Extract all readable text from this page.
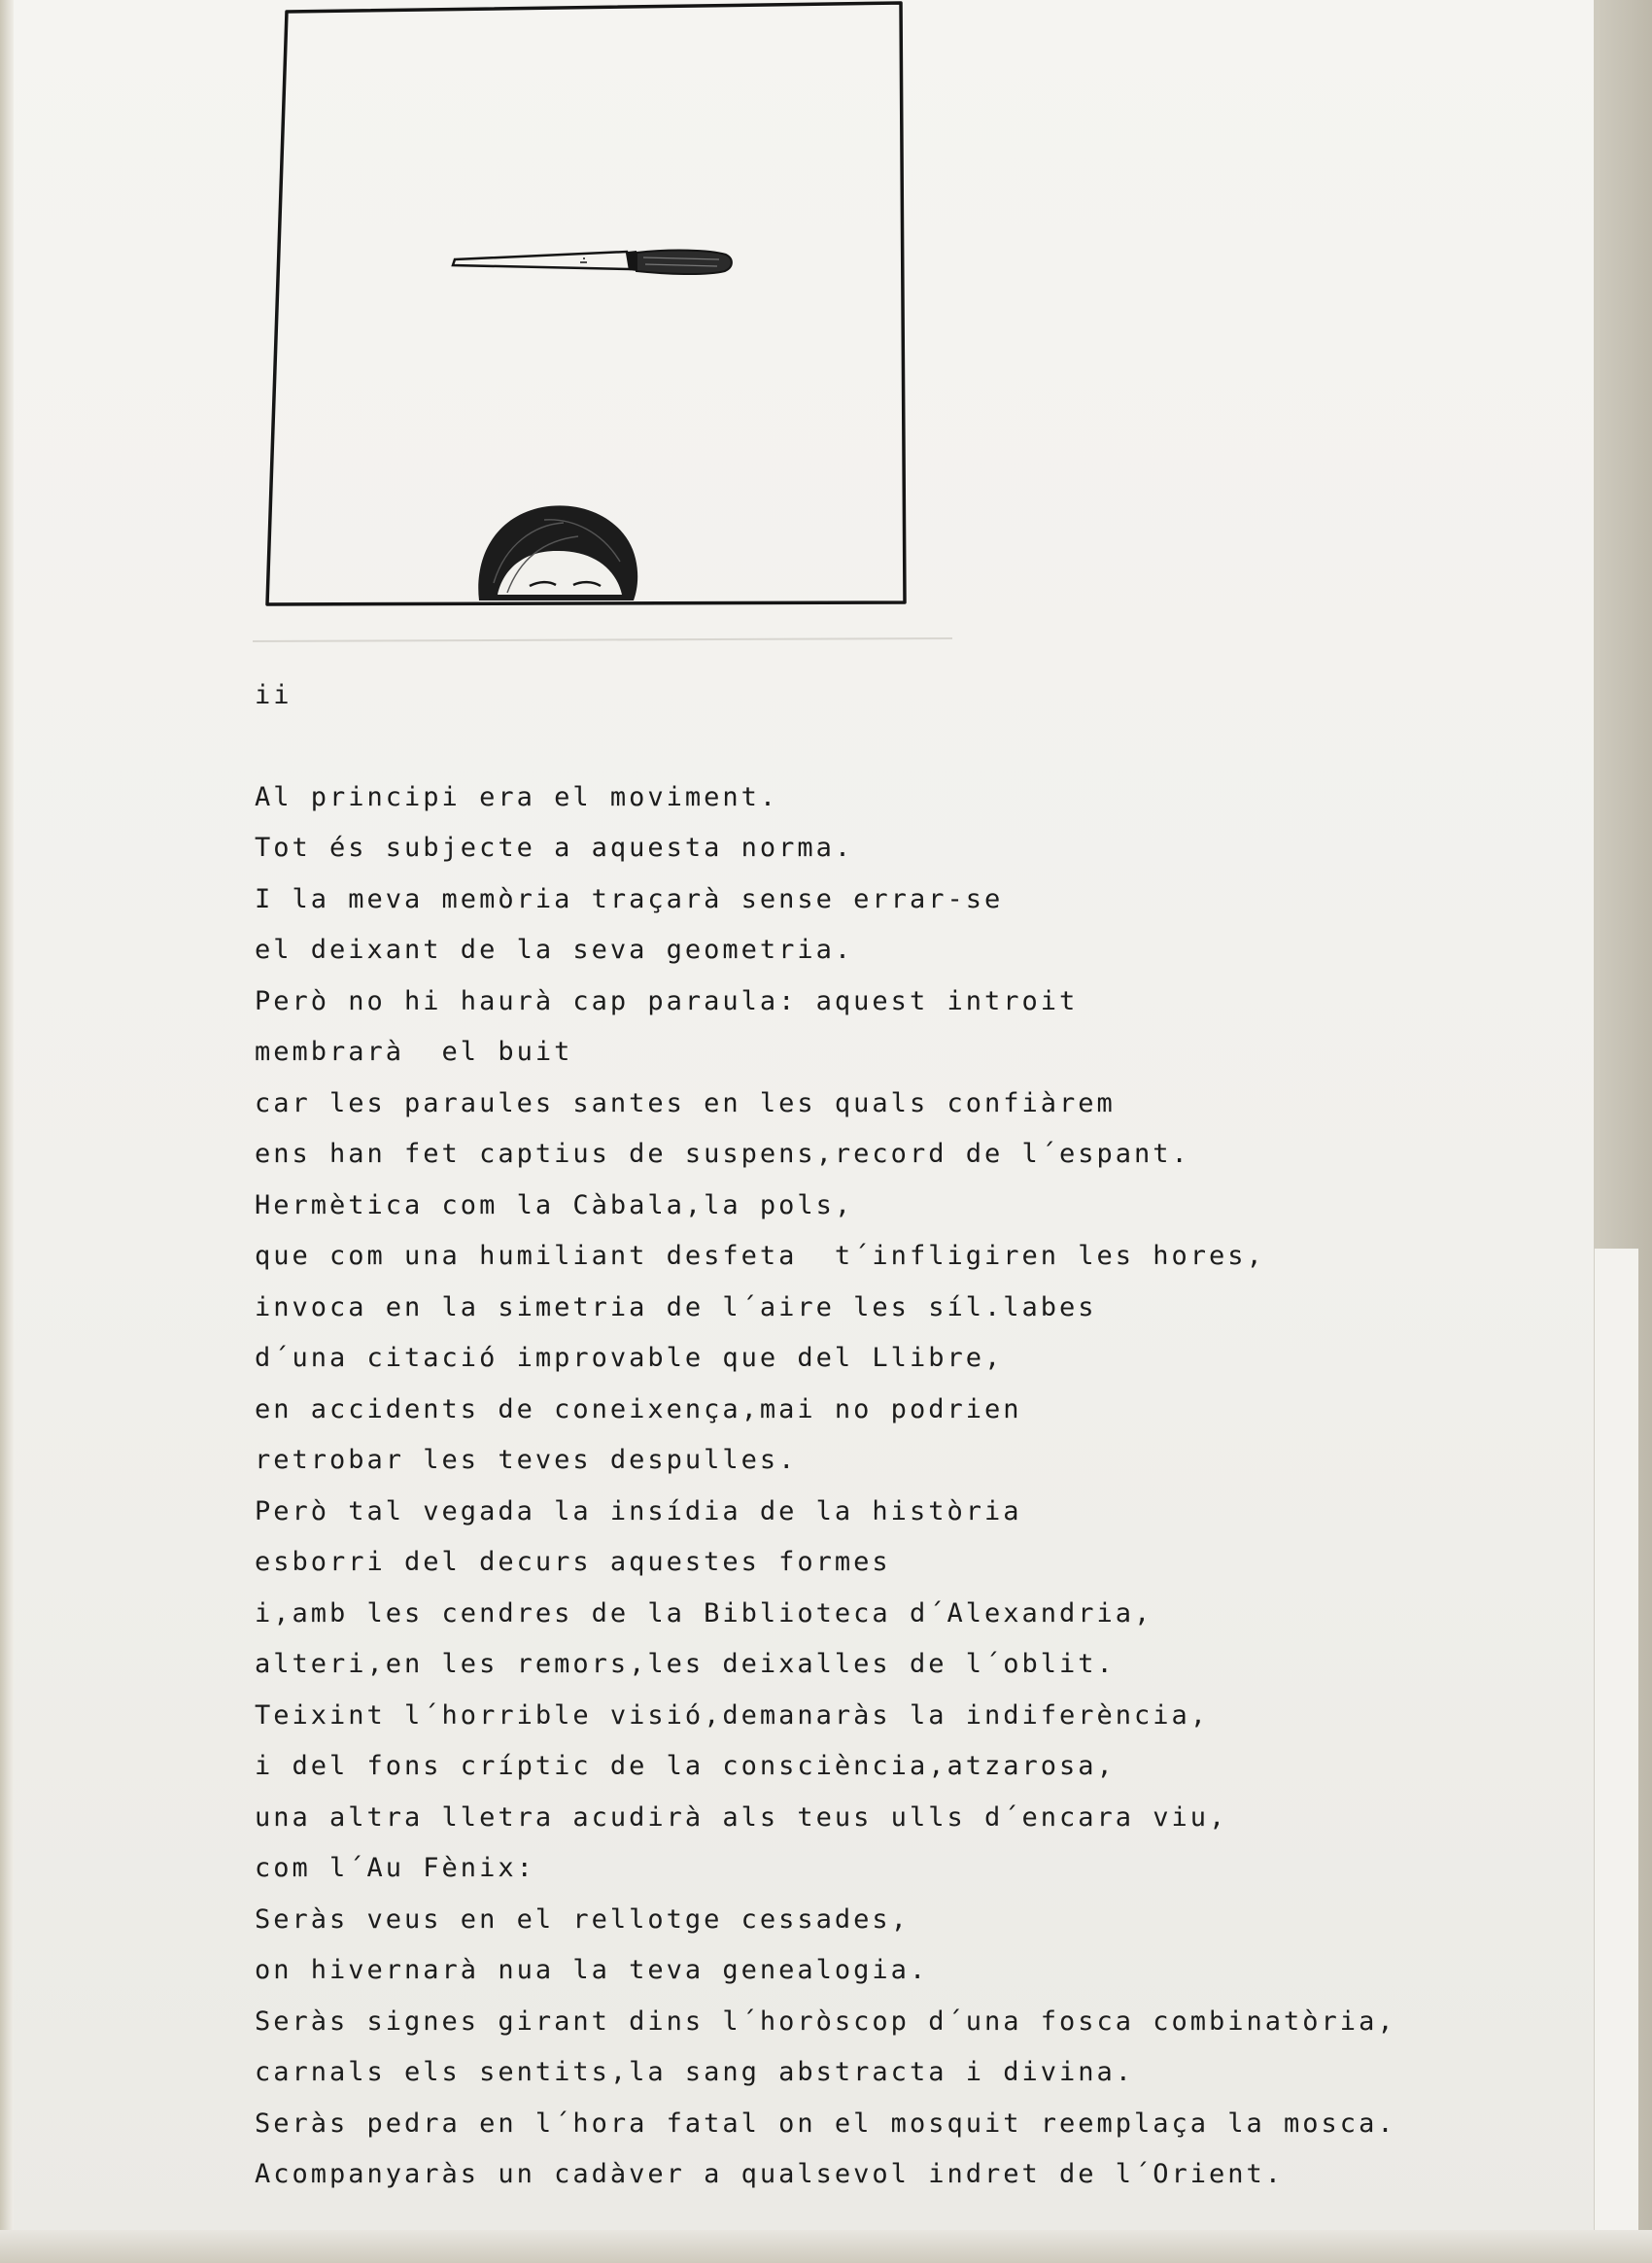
ii
Al principi era el moviment.
Tot és subjecte a aquesta norma.
I la meva memòria traçarà sense errar-se
el deixant de la seva geometria.
Però no hi haurà cap paraula: aquest introit
membrarà  el buit
car les paraules santes en les quals confiàrem
ens han fet captius de suspens,record de l´espant.
Hermètica com la Càbala,la pols,
que com una humiliant desfeta  t´infligiren les hores,
invoca en la simetria de l´aire les síl.labes
d´una citació improvable que del Llibre,
en accidents de coneixença,mai no podrien
retrobar les teves despulles.
Però tal vegada la insídia de la història
esborri del decurs aquestes formes
i,amb les cendres de la Biblioteca d´Alexandria,
alteri,en les remors,les deixalles de l´oblit.
Teixint l´horrible visió,demanaràs la indiferència,
i del fons críptic de la consciència,atzarosa,
una altra lletra acudirà als teus ulls d´encara viu,
com l´Au Fènix:
Seràs veus en el rellotge cessades,
on hivernarà nua la teva genealogia.
Seràs signes girant dins l´horòscop d´una fosca combinatòria,
carnals els sentits,la sang abstracta i divina.
Seràs pedra en l´hora fatal on el mosquit reemplaça la mosca.
Acompanyaràs un cadàver a qualsevol indret de l´Orient.
